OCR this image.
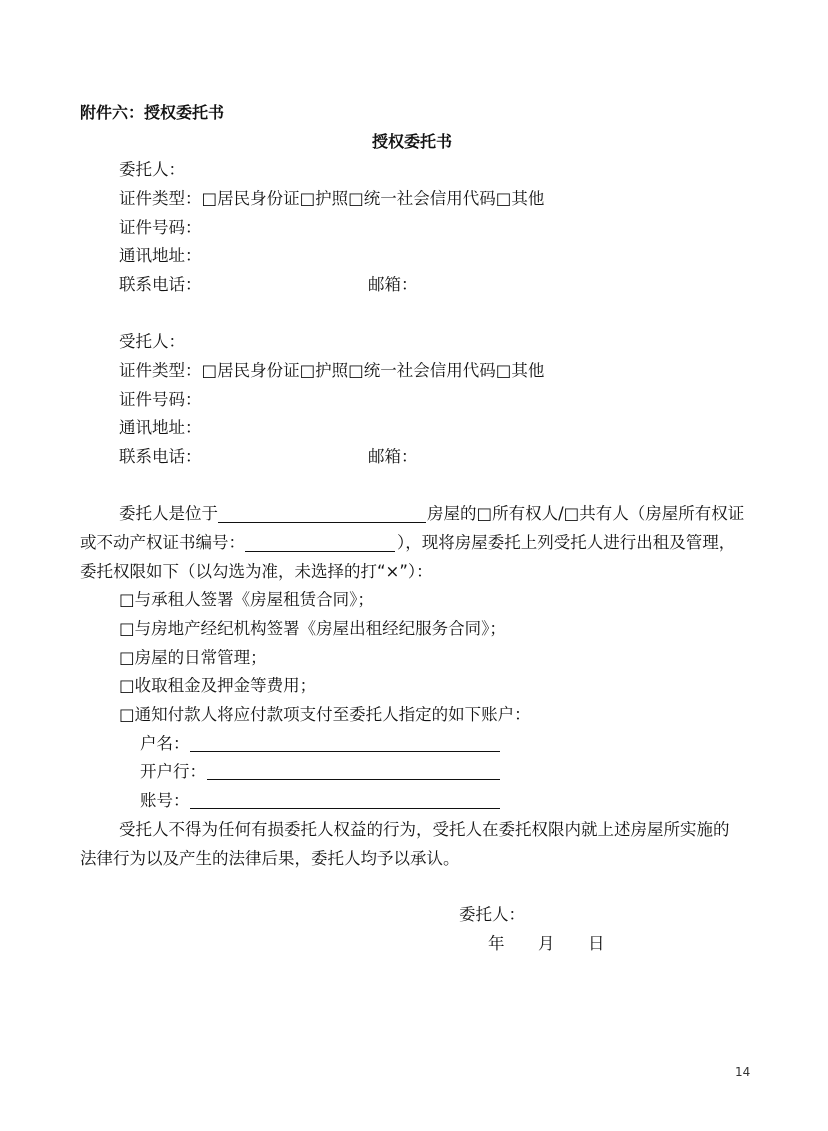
附件六：授权委托书
授权委托书
委托人：
证件类型：□居民身份证□护照□统一社会信用代码□其他
证件号码：
通讯地址：
联系电话：	邮箱：
受托人：
证件类型：□居民身份证□护照□统一社会信用代码□其他
证件号码：
通讯地址：
联系电话：	邮箱：
委托人是位于	房屋的□所有权人/□共有人（房屋所有权证
或不动产权证书编号：	），现将房屋委托上列受托人进行出租及管理，
委托权限如下（以勾选为准，未选择的打“×”）：
□与承租人签署《房屋租赁合同》；
□与房地产经纪机构签署《房屋出租经纪服务合同》；
□房屋的日常管理；
□收取租金及押金等费用；
□通知付款人将应付款项支付至委托人指定的如下账户：
户名：
开户行：
账号：
受托人不得为任何有损委托人权益的行为，受托人在委托权限内就上述房屋所实施的
法律行为以及产生的法律后果，委托人均予以承认。
委托人：
年 月 日
14
